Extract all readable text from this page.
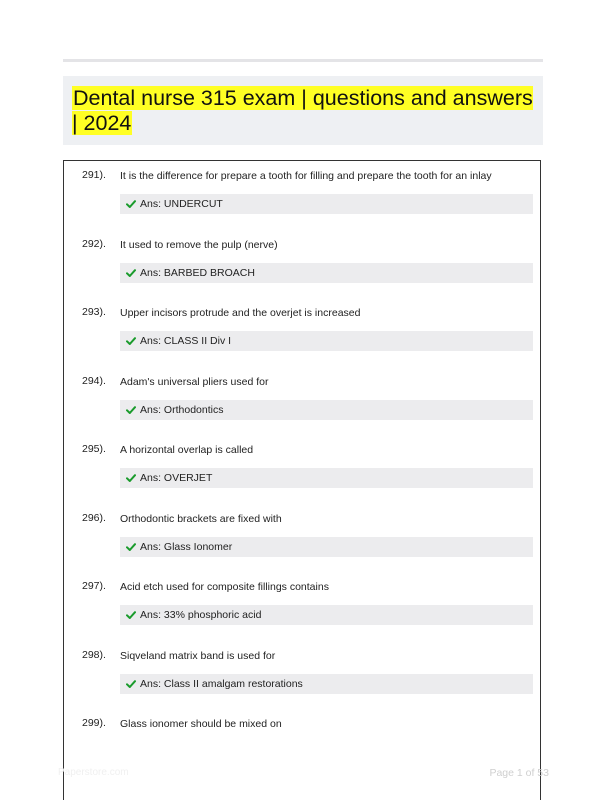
Dental nurse 315 exam | questions and answers | 2024
291). It is the difference for prepare a tooth for filling and prepare the tooth for an inlay
Ans: UNDERCUT
292). It used to remove the pulp (nerve)
Ans: BARBED BROACH
293). Upper incisors protrude and the overjet is increased
Ans: CLASS II Div I
294). Adam's universal pliers used for
Ans: Orthodontics
295). A horizontal overlap is called
Ans: OVERJET
296). Orthodontic brackets are fixed with
Ans: Glass Ionomer
297). Acid etch used for composite fillings contains
Ans: 33% phosphoric acid
298). Siqveland matrix band is used for
Ans: Class II amalgam restorations
299). Glass ionomer should be mixed on
Paperstore.com	Page 1 of 53
